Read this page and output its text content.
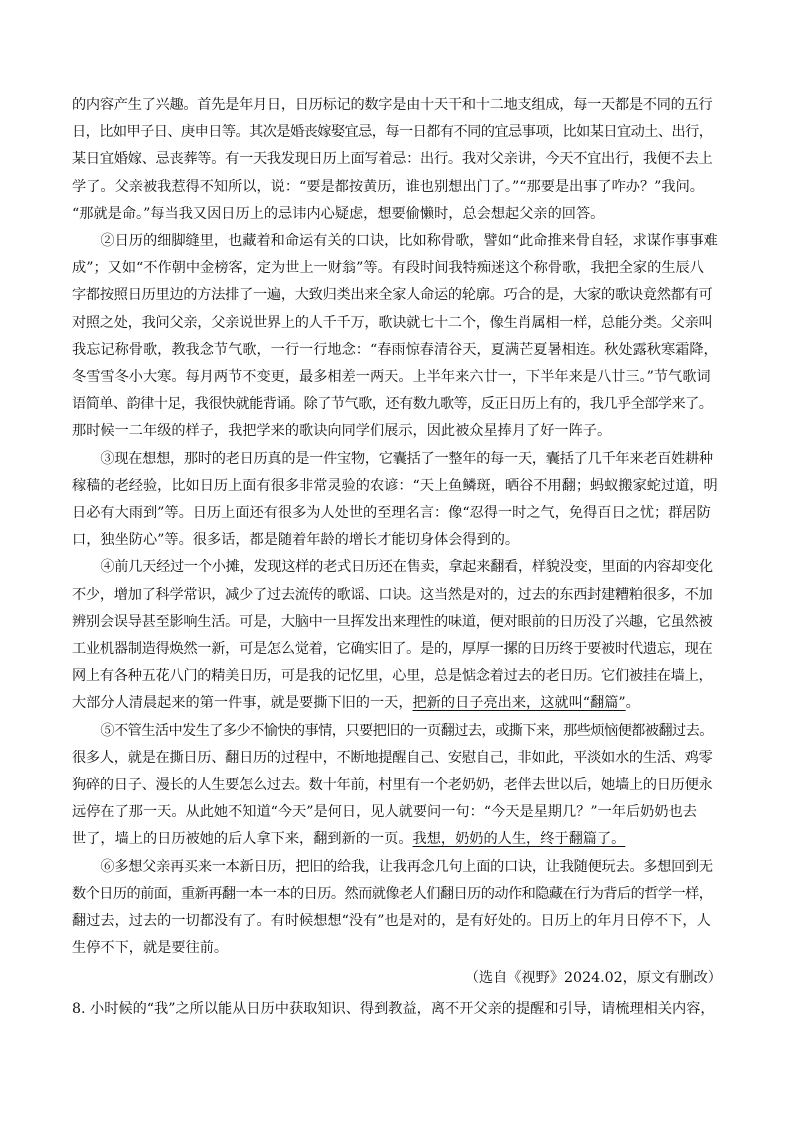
的内容产生了兴趣。首先是年月日，日历标记的数字是由十天干和十二地支组成，每一天都是不同的五行
日，比如甲子日、庚申日等。其次是婚丧嫁娶宜忌，每一日都有不同的宜忌事项，比如某日宜动土、出行，
某日宜婚嫁、忌丧葬等。有一天我发现日历上面写着忌：出行。我对父亲讲，今天不宜出行，我便不去上
学了。父亲被我惹得不知所以，说：“要是都按黄历，谁也别想出门了。”“那要是出事了咋办？”我问。
“那就是命。”每当我又因日历上的忌讳内心疑虑，想要偷懒时，总会想起父亲的回答。
②日历的细脚缝里，也藏着和命运有关的口诀，比如称骨歌，譬如“此命推来骨自轻，求谋作事事难
成”；又如“不作朝中金榜客，定为世上一财翁”等。有段时间我特痴迷这个称骨歌，我把全家的生辰八
字都按照日历里边的方法排了一遍，大致归类出来全家人命运的轮廓。巧合的是，大家的歌诀竟然都有可
对照之处，我问父亲，父亲说世界上的人千千万，歌诀就七十二个，像生肖属相一样，总能分类。父亲叫
我忘记称骨歌，教我念节气歌，一行一行地念：“春雨惊春清谷天，夏满芒夏暑相连。秋处露秋寒霜降，
冬雪雪冬小大寒。每月两节不变更，最多相差一两天。上半年来六廿一，下半年来是八廿三。”节气歌词
语简单、韵律十足，我很快就能背诵。除了节气歌，还有数九歌等，反正日历上有的，我几乎全部学来了。
那时候一二年级的样子，我把学来的歌诀向同学们展示，因此被众星捧月了好一阵子。
③现在想想，那时的老日历真的是一件宝物，它囊括了一整年的每一天，囊括了几千年来老百姓耕种
稼穑的老经验，比如日历上面有很多非常灵验的农谚：“天上鱼鳞斑，晒谷不用翻；蚂蚁搬家蛇过道，明
日必有大雨到”等。日历上面还有很多为人处世的至理名言：像“忍得一时之气，免得百日之忧；群居防
口，独坐防心”等。很多话，都是随着年龄的增长才能切身体会得到的。
④前几天经过一个小摊，发现这样的老式日历还在售卖，拿起来翻看，样貌没变，里面的内容却变化
不少，增加了科学常识，减少了过去流传的歌谣、口诀。这当然是对的，过去的东西封建糟粕很多，不加
辨别会误导甚至影响生活。可是，大脑中一旦挥发出来理性的味道，便对眼前的日历没了兴趣，它虽然被
工业机器制造得焕然一新，可是怎么觉着，它确实旧了。是的，厚厚一摞的日历终于要被时代遗忘，现在
网上有各种五花八门的精美日历，可是我的记忆里，心里，总是惦念着过去的老日历。它们被挂在墙上，
大部分人清晨起来的第一件事，就是要撕下旧的一天，把新的日子亮出来，这就叫“翻篇”。
⑤不管生活中发生了多少不愉快的事情，只要把旧的一页翻过去，或撕下来，那些烦恼便都被翻过去。
很多人，就是在撕日历、翻日历的过程中，不断地提醒自己、安慰自己，非如此，平淡如水的生活、鸡零
狗碎的日子、漫长的人生要怎么过去。数十年前，村里有一个老奶奶，老伴去世以后，她墙上的日历便永
远停在了那一天。从此她不知道“今天”是何日，见人就要问一句：“今天是星期几？”一年后奶奶也去
世了，墙上的日历被她的后人拿下来，翻到新的一页。我想，奶奶的人生，终于翻篇了。
⑥多想父亲再买来一本新日历，把旧的给我，让我再念几句上面的口诀，让我随便玩去。多想回到无
数个日历的前面，重新再翻一本一本的日历。然而就像老人们翻日历的动作和隐藏在行为背后的哲学一样，
翻过去，过去的一切都没有了。有时候想想“没有”也是对的，是有好处的。日历上的年月日停不下，人
生停不下，就是要往前。
（选自《视野》2024.02，原文有删改）
8. 小时候的“我”之所以能从日历中获取知识、得到教益，离不开父亲的提醒和引导，请梳理相关内容，
